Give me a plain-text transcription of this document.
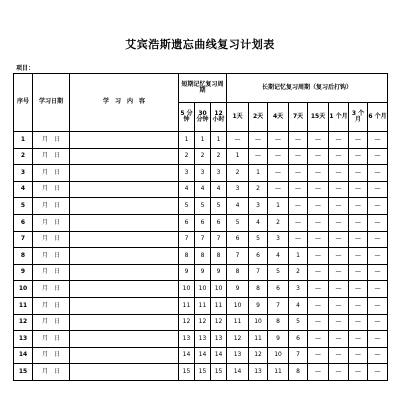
艾宾浩斯遗忘曲线复习计划表
项目：
序号	学习日期	学　习　内　容	短期记忆复习周期			长期记忆复习周期（复习后打钩）							
			5 分钟	30 分钟	12 小时	1天	2天	4天	7天	15天	1 个月	3 个月	6 个月
1	月 日		1	1	1	—	—	—	—	—	—	—	—
2	月 日		2	2	2	1	—	—	—	—	—	—	—
3	月 日		3	3	3	2	1	—	—	—	—	—	—
4	月 日		4	4	4	3	2	—	—	—	—	—	—
5	月 日		5	5	5	4	3	1	—	—	—	—	—
6	月 日		6	6	6	5	4	2	—	—	—	—	—
7	月 日		7	7	7	6	5	3	—	—	—	—	—
8	月 日		8	8	8	7	6	4	1	—	—	—	—
9	月 日		9	9	9	8	7	5	2	—	—	—	—
10	月 日		10	10	10	9	8	6	3	—	—	—	—
11	月 日		11	11	11	10	9	7	4	—	—	—	—
12	月 日		12	12	12	11	10	8	5	—	—	—	—
13	月 日		13	13	13	12	11	9	6	—	—	—	—
14	月 日		14	14	14	13	12	10	7	—	—	—	—
15	月 日		15	15	15	14	13	11	8	—	—	—	—
